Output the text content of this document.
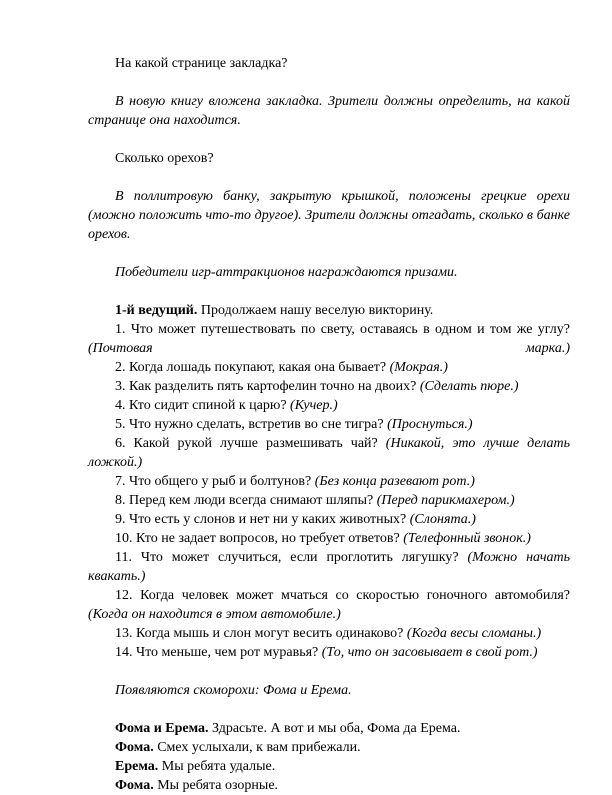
На какой странице закладка?

В новую книгу вложена закладка. Зрители должны определить, на какой странице она находится.

Сколько орехов?

В поллитровую банку, закрытую крышкой, положены грецкие орехи (можно положить что-то другое). Зрители должны отгадать, сколько в банке орехов.

Победители игр-аттракционов награждаются призами.

1-й ведущий. Продолжаем нашу веселую викторину.

1. Что может путешествовать по свету, оставаясь в одном и том же углу? (Почтовая марка.)

2. Когда лошадь покупают, какая она бывает? (Мокрая.)

3. Как разделить пять картофелин точно на двоих? (Сделать пюре.)

4. Кто сидит спиной к царю? (Кучер.)

5. Что нужно сделать, встретив во сне тигра? (Проснуться.)

6. Какой рукой лучше размешивать чай? (Никакой, это лучше делать ложкой.)

7. Что общего у рыб и болтунов? (Без конца разевают рот.)

8. Перед кем люди всегда снимают шляпы? (Перед парикмахером.)

9. Что есть у слонов и нет ни у каких животных? (Слонята.)

10. Кто не задает вопросов, но требует ответов? (Телефонный звонок.)

11. Что может случиться, если проглотить лягушку? (Можно начать квакать.)

12. Когда человек может мчаться со скоростью гоночного автомобиля? (Когда он находится в этом автомобиле.)

13. Когда мышь и слон могут весить одинаково? (Когда весы сломаны.)

14. Что меньше, чем рот муравья? (То, что он засовывает в свой рот.)

Появляются скоморохи: Фома и Ерема.

Фома и Ерема. Здрасьте. А вот и мы оба, Фома да Ерема.

Фома. Смех услыхали, к вам прибежали.

Ерема. Мы ребята удалые.

Фома. Мы ребята озорные.
